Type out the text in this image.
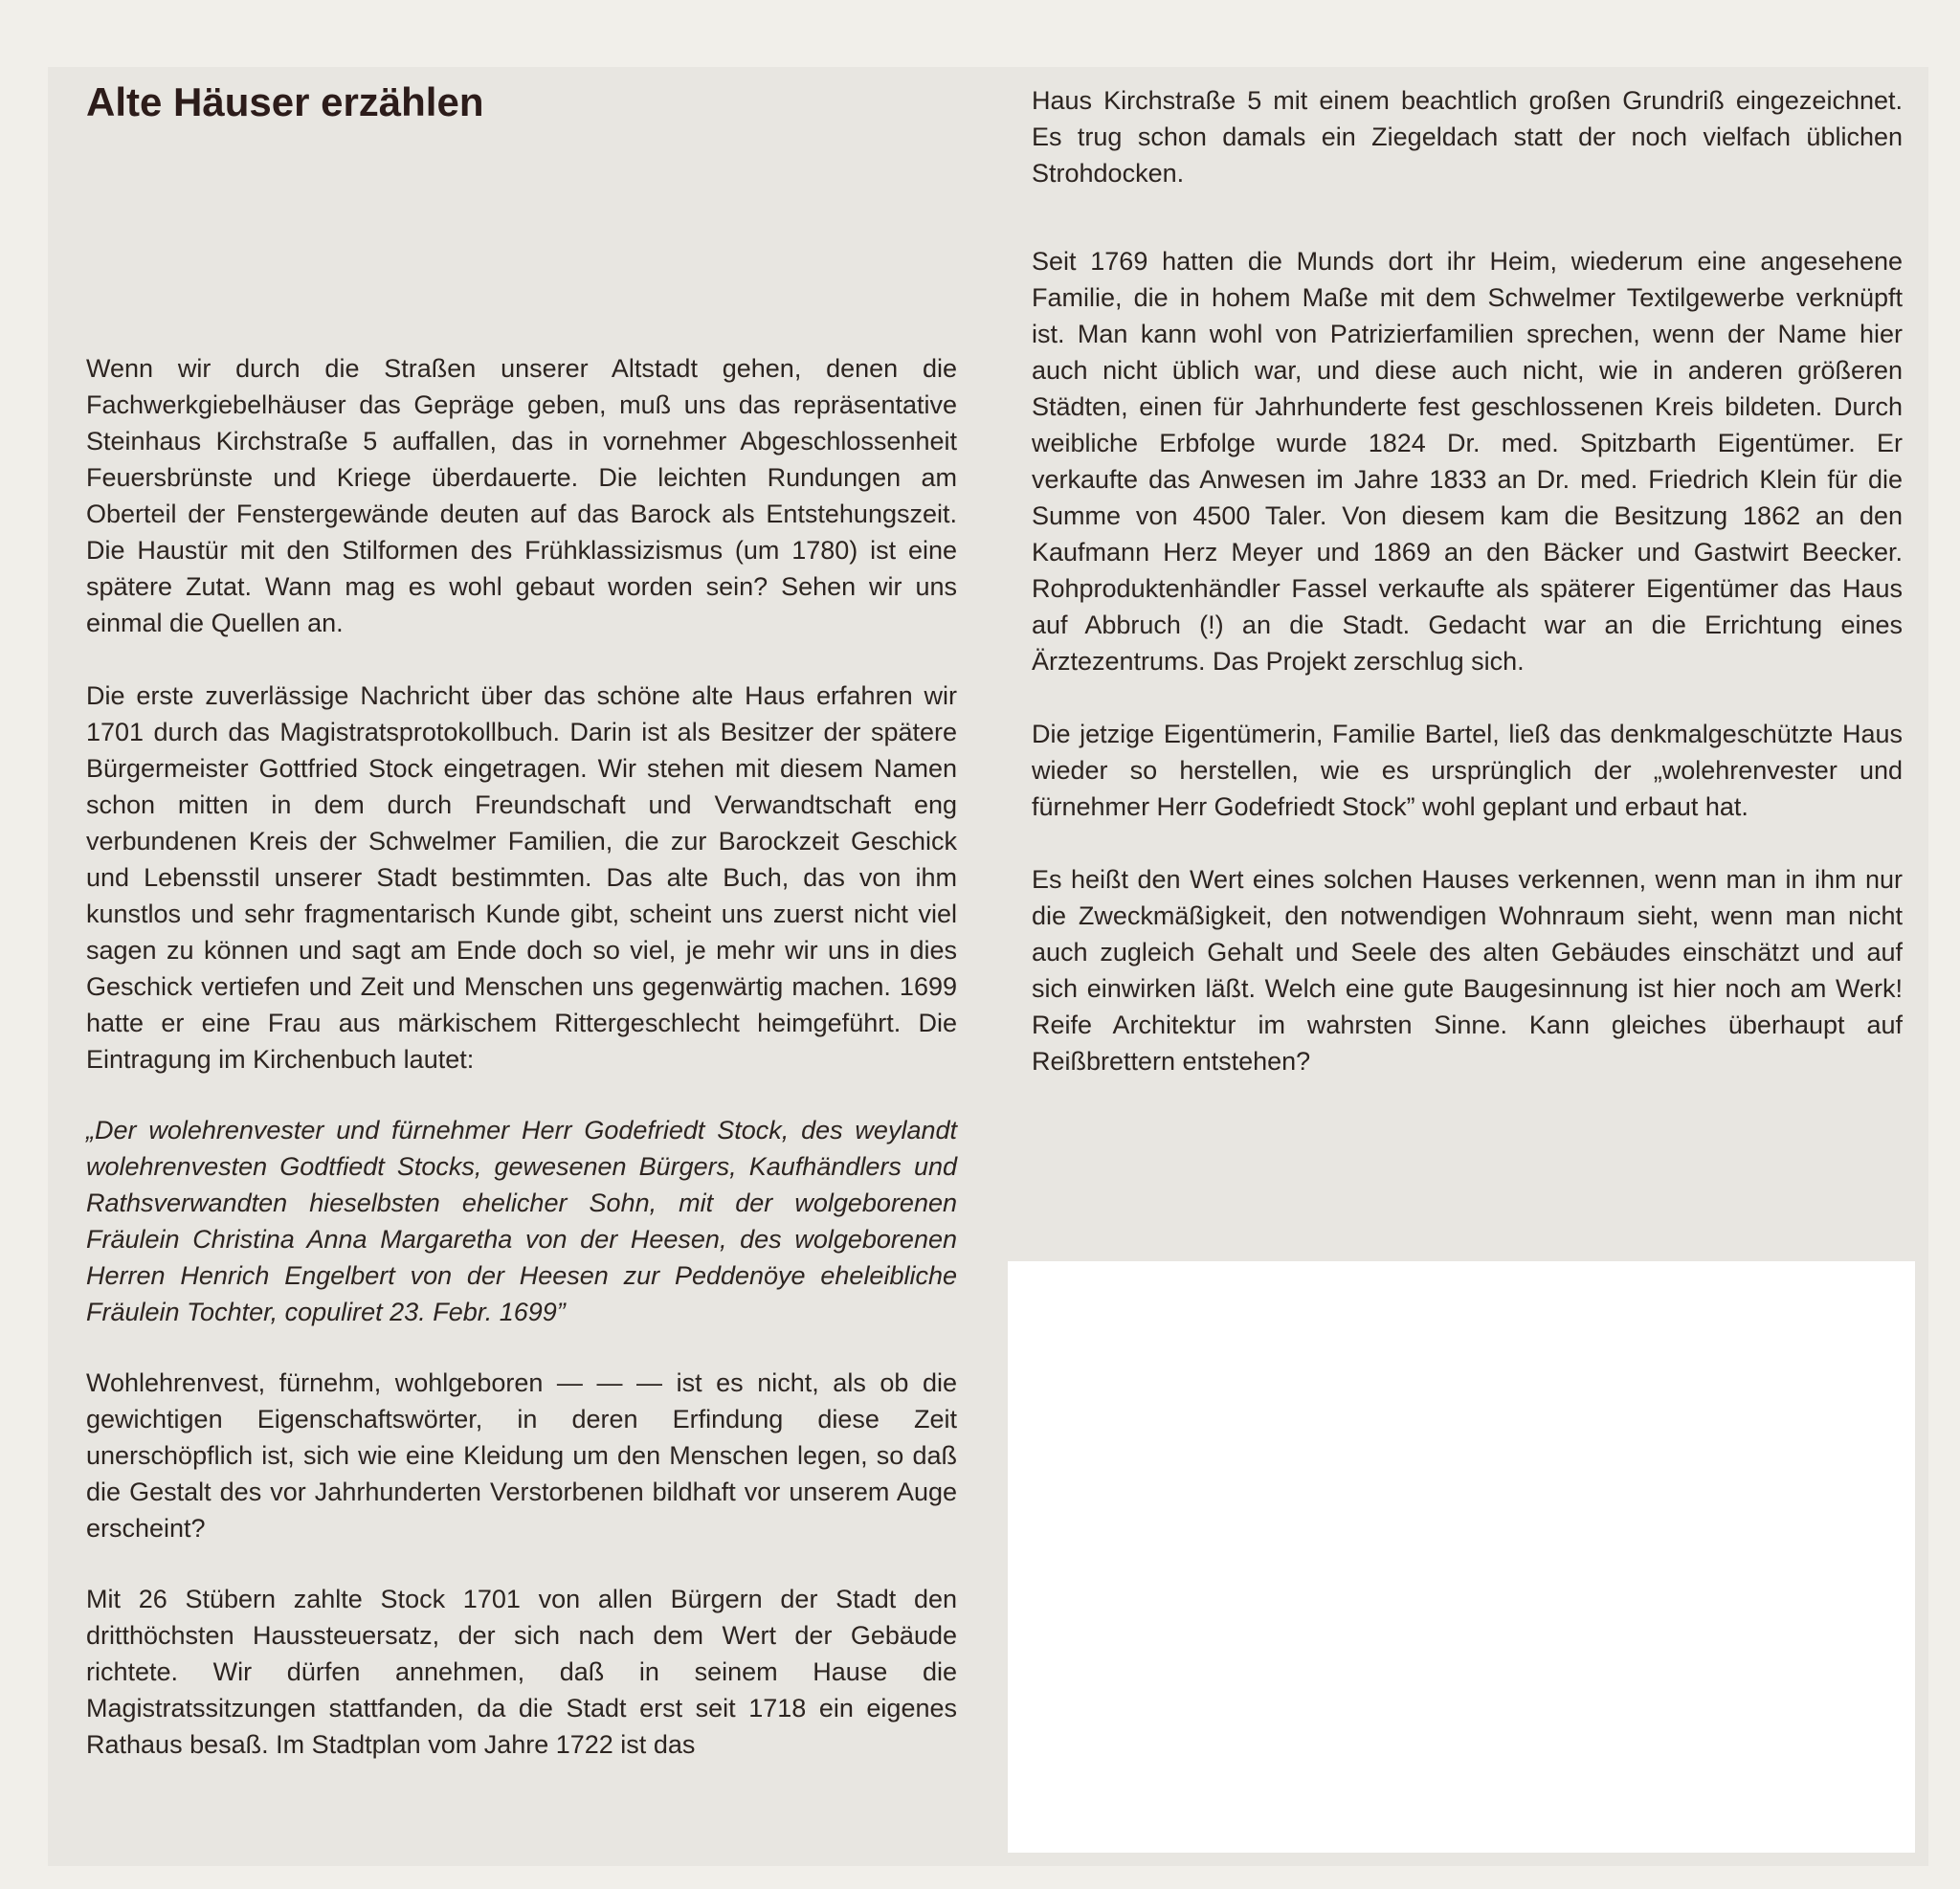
Alte Häuser erzählen

Wenn wir durch die Straßen unserer Altstadt gehen, denen die Fachwerkgiebelhäuser das Gepräge geben, muß uns das repräsentative Steinhaus Kirchstraße 5 auffallen, das in vornehmer Abgeschlossenheit Feuersbrünste und Kriege überdauerte. Die leichten Rundungen am Oberteil der Fenstergewände deuten auf das Barock als Entstehungszeit. Die Haustür mit den Stilformen des Frühklassizismus (um 1780) ist eine spätere Zutat. Wann mag es wohl gebaut worden sein? Sehen wir uns einmal die Quellen an.

Die erste zuverlässige Nachricht über das schöne alte Haus erfahren wir 1701 durch das Magistratsprotokollbuch. Darin ist als Besitzer der spätere Bürgermeister Gottfried Stock eingetragen. Wir stehen mit diesem Namen schon mitten in dem durch Freundschaft und Verwandtschaft eng verbundenen Kreis der Schwelmer Familien, die zur Barockzeit Geschick und Lebensstil unserer Stadt bestimmten. Das alte Buch, das von ihm kunstlos und sehr fragmentarisch Kunde gibt, scheint uns zuerst nicht viel sagen zu können und sagt am Ende doch so viel, je mehr wir uns in dies Geschick vertiefen und Zeit und Menschen uns gegenwärtig machen. 1699 hatte er eine Frau aus märkischem Rittergeschlecht heimgeführt. Die Eintragung im Kirchenbuch lautet:

„Der wolehrenvester und fürnehmer Herr Godefriedt Stock, des weylandt wolehrenvesten Godtfiedt Stocks, gewesenen Bürgers, Kaufhändlers und Rathsverwandten hieselbsten ehelicher Sohn, mit der wolgeborenen Fräulein Christina Anna Margaretha von der Heesen, des wolgeborenen Herren Henrich Engelbert von der Heesen zur Peddenöye eheleibliche Fräulein Tochter, copuliret 23. Febr. 1699”

Wohlehrenvest, fürnehm, wohlgeboren — — — ist es nicht, als ob die gewichtigen Eigenschaftswörter, in deren Erfindung diese Zeit unerschöpflich ist, sich wie eine Kleidung um den Menschen legen, so daß die Gestalt des vor Jahrhunderten Verstorbenen bildhaft vor unserem Auge erscheint?

Mit 26 Stübern zahlte Stock 1701 von allen Bürgern der Stadt den dritthöchsten Haussteuersatz, der sich nach dem Wert der Gebäude richtete. Wir dürfen annehmen, daß in seinem Hause die Magistratssitzungen stattfanden, da die Stadt erst seit 1718 ein eigenes Rathaus besaß. Im Stadtplan vom Jahre 1722 ist das

Haus Kirchstraße 5 mit einem beachtlich großen Grundriß eingezeichnet. Es trug schon damals ein Ziegeldach statt der noch vielfach üblichen Strohdocken.

Seit 1769 hatten die Munds dort ihr Heim, wiederum eine angesehene Familie, die in hohem Maße mit dem Schwelmer Textilgewerbe verknüpft ist. Man kann wohl von Patrizierfamilien sprechen, wenn der Name hier auch nicht üblich war, und diese auch nicht, wie in anderen größeren Städten, einen für Jahrhunderte fest geschlossenen Kreis bildeten. Durch weibliche Erbfolge wurde 1824 Dr. med. Spitzbarth Eigentümer. Er verkaufte das Anwesen im Jahre 1833 an Dr. med. Friedrich Klein für die Summe von 4500 Taler. Von diesem kam die Besitzung 1862 an den Kaufmann Herz Meyer und 1869 an den Bäcker und Gastwirt Beecker. Rohproduktenhändler Fassel verkaufte als späterer Eigentümer das Haus auf Abbruch (!) an die Stadt. Gedacht war an die Errichtung eines Ärztezentrums. Das Projekt zerschlug sich.

Die jetzige Eigentümerin, Familie Bartel, ließ das denkmalgeschützte Haus wieder so herstellen, wie es ursprünglich der „wolehrenvester und fürnehmer Herr Godefriedt Stock” wohl geplant und erbaut hat.

Es heißt den Wert eines solchen Hauses verkennen, wenn man in ihm nur die Zweckmäßigkeit, den notwendigen Wohnraum sieht, wenn man nicht auch zugleich Gehalt und Seele des alten Gebäudes einschätzt und auf sich einwirken läßt. Welch eine gute Baugesinnung ist hier noch am Werk! Reife Architektur im wahrsten Sinne. Kann gleiches überhaupt auf Reißbrettern entstehen?
